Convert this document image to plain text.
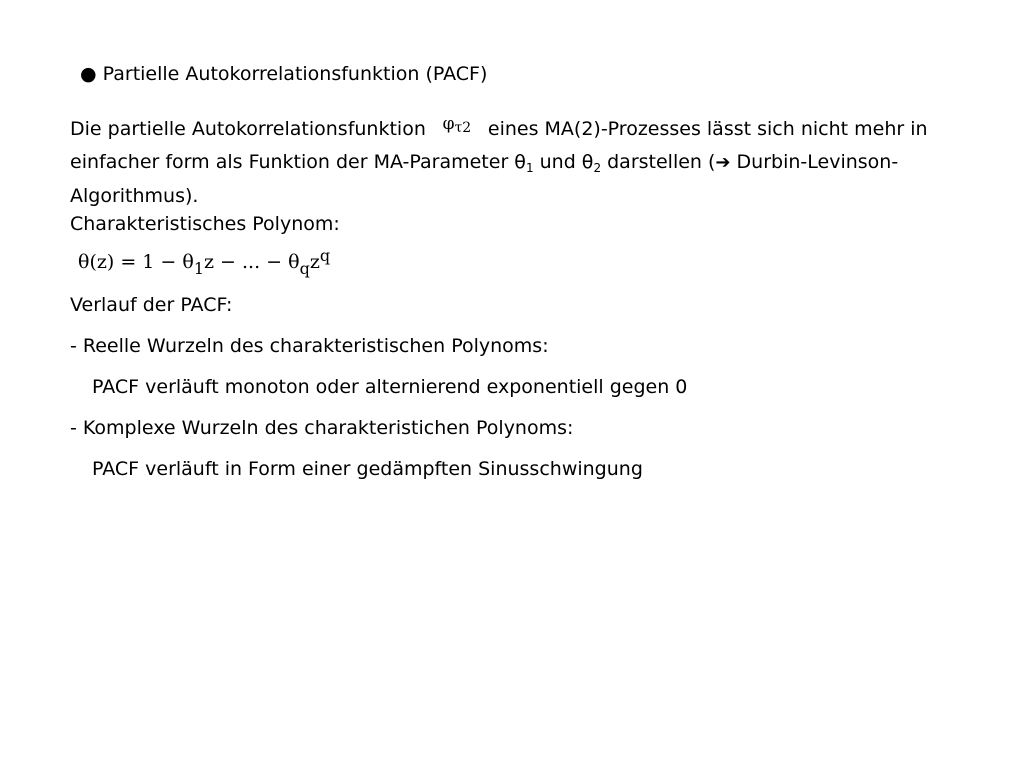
● Partielle Autokorrelationsfunktion (PACF)
Die partielle Autokorrelationsfunktion φτ2 eines MA(2)-Prozesses lässt sich nicht mehr in einfacher form als Funktion der MA-Parameter $\theta_1$ und $\theta_2$ darstellen (➔ Durbin-Levinson-Algorithmus).
Charakteristisches Polynom:
$\theta(z) = 1 - \theta_1z$ − ... − $\theta_qz^q$
Verlauf der PACF:
- Reelle Wurzeln des charakteristischen Polynoms:
PACF verläuft monoton oder alternierend exponentiell gegen 0
- Komplexe Wurzeln des charakteristichen Polynoms:
PACF verläuft in Form einer gedämpften Sinusschwingung
